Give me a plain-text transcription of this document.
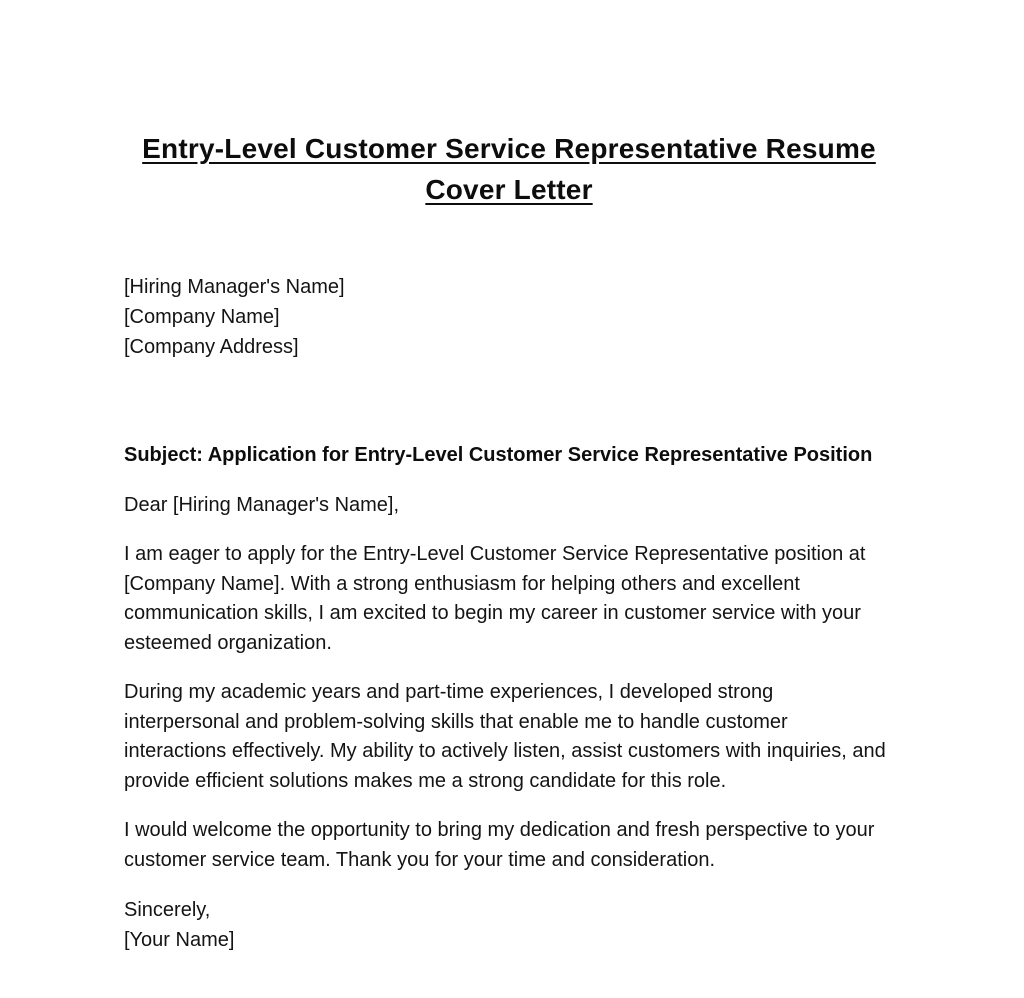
Entry-Level Customer Service Representative Resume Cover Letter
[Hiring Manager's Name]
[Company Name]
[Company Address]
Subject: Application for Entry-Level Customer Service Representative Position
Dear [Hiring Manager's Name],

I am eager to apply for the Entry-Level Customer Service Representative position at [Company Name]. With a strong enthusiasm for helping others and excellent communication skills, I am excited to begin my career in customer service with your esteemed organization.

During my academic years and part-time experiences, I developed strong interpersonal and problem-solving skills that enable me to handle customer interactions effectively. My ability to actively listen, assist customers with inquiries, and provide efficient solutions makes me a strong candidate for this role.

I would welcome the opportunity to bring my dedication and fresh perspective to your customer service team. Thank you for your time and consideration.

Sincerely,
[Your Name]
